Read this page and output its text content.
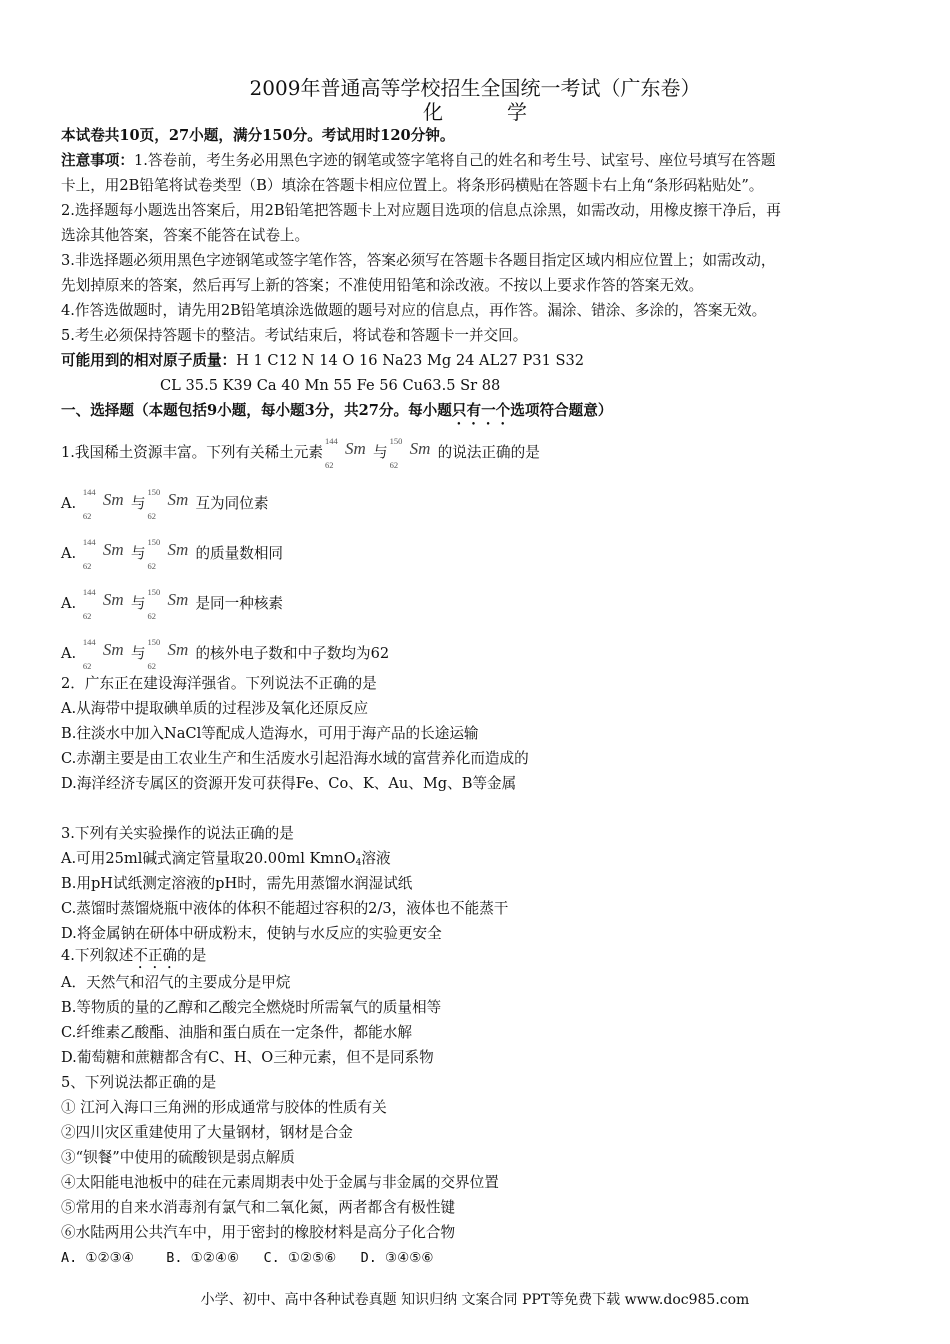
2009年普通高等学校招生全国统一考试（广东卷）
化　学
本试卷共10页，27小题，满分150分。考试用时120分钟。
注意事项：1.答卷前，考生务必用黑色字迹的钢笔或签字笔将自己的姓名和考生号、试室号、座位号填写在答题
卡上，用2B铅笔将试卷类型（B）填涂在答题卡相应位置上。将条形码横贴在答题卡右上角“条形码粘贴处”。
2.选择题每小题选出答案后，用2B铅笔把答题卡上对应题目选项的信息点涂黑，如需改动，用橡皮擦干净后，再
选涂其他答案，答案不能答在试卷上。
3.非选择题必须用黑色字迹钢笔或签字笔作答，答案必须写在答题卡各题目指定区域内相应位置上；如需改动，
先划掉原来的答案，然后再写上新的答案；不准使用铅笔和涂改液。不按以上要求作答的答案无效。
4.作答选做题时，请先用2B铅笔填涂选做题的题号对应的信息点，再作答。漏涂、错涂、多涂的，答案无效。
5.考生必须保持答题卡的整洁。考试结束后，将试卷和答题卡一并交回。
可能用到的相对原子质量：H 1 C12 N 14 O 16 Na23 Mg 24 AL27 P31 S32
CL 35.5 K39 Ca 40 Mn 55 Fe 56 Cu63.5 Sr 88
一、选择题（本题包括9小题，每小题3分，共27分。每小题只有一个选项符合题意）
1.我国稀土资源丰富。下列有关稀土元素
144
62
Sm 与
150
62
Sm 的说法正确的是
A.
144
62
Sm 与
150
62
Sm 互为同位素
A.
144
62
Sm 与
150
62
Sm 的质量数相同
A.
144
62
Sm 与
150
62
Sm 是同一种核素
A.
144
62
Sm 与
150
62
Sm 的核外电子数和中子数均为62
2．广东正在建设海洋强省。下列说法不正确的是
A.从海带中提取碘单质的过程涉及氧化还原反应
B.往淡水中加入NaCl等配成人造海水，可用于海产品的长途运输
C.赤潮主要是由工农业生产和生活废水引起沿海水域的富营养化而造成的
D.海洋经济专属区的资源开发可获得Fe、Co、K、Au、Mg、B等金属
3.下列有关实验操作的说法正确的是
A.可用25ml碱式滴定管量取20.00ml KmnO$_4$溶液
B.用pH试纸测定溶液的pH时，需先用蒸馏水润湿试纸
C.蒸馏时蒸馏烧瓶中液体的体积不能超过容积的2/3，液体也不能蒸干
D.将金属钠在研体中研成粉末，使钠与水反应的实验更安全
4.下列叙述不正确的是
A．天然气和沼气的主要成分是甲烷
B.等物质的量的乙醇和乙酸完全燃烧时所需氧气的质量相等
C.纤维素乙酸酯、油脂和蛋白质在一定条件，都能水解
D.葡萄糖和蔗糖都含有C、H、O三种元素，但不是同系物
5、下列说法都正确的是
① 江河入海口三角洲的形成通常与胶体的性质有关
②四川灾区重建使用了大量钢材，钢材是合金
③“钡餐”中使用的硫酸钡是弱点解质
④太阳能电池板中的硅在元素周期表中处于金属与非金属的交界位置
⑤常用的自来水消毒剂有氯气和二氧化氮，两者都含有极性键
⑥水陆两用公共汽车中，用于密封的橡胶材料是高分子化合物
A. ①②③④    B. ①②④⑥   C. ①②⑤⑥   D. ③④⑤⑥
小学、初中、高中各种试卷真题 知识归纳 文案合同 PPT等免费下载 www.doc985.com
